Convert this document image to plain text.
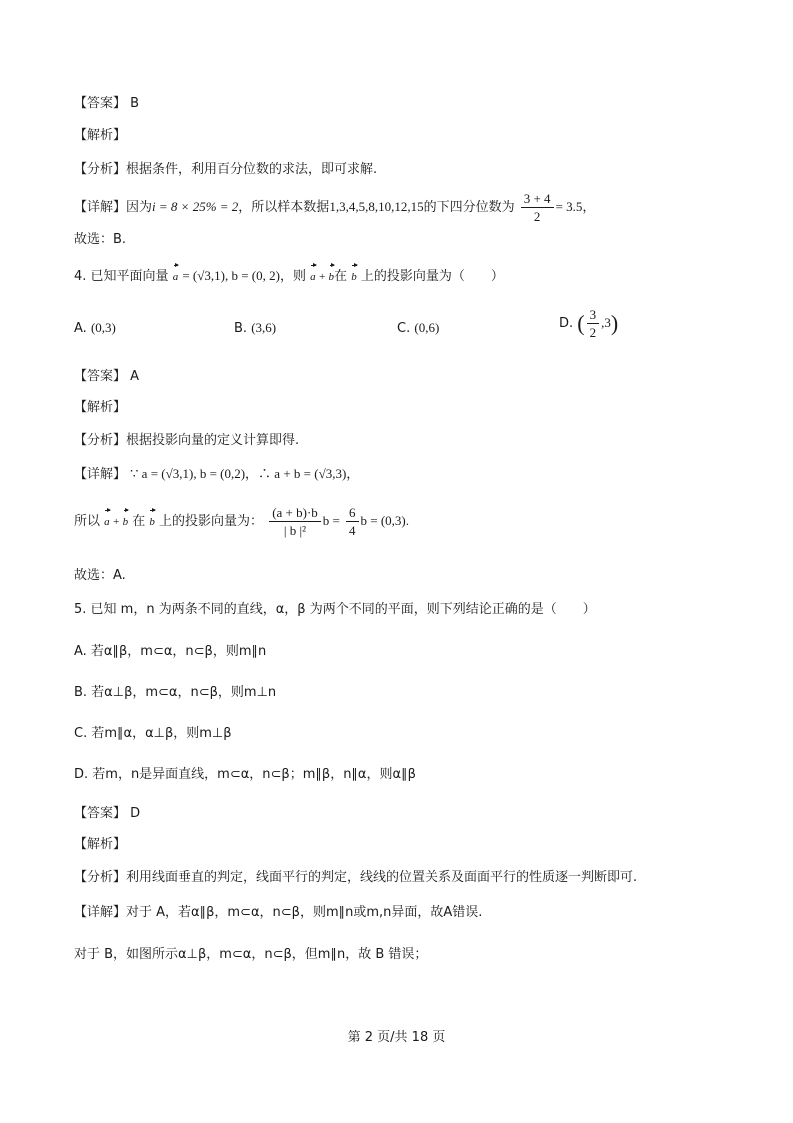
【答案】 B
【解析】
【分析】根据条件，利用百分位数的求法，即可求解.
【详解】因为i = 8 × 25% = 2，所以样本数据1,3,4,5,8,10,12,15的下四分位数为 $\frac{3 + 4}{2} = 3.5$，
故选：B.
4. 已知平面向量 a = (√3,1), b = (0, 2)，则 a + b在 b 上的投影向量为（　　）
A. (0,3)	B. (3,6)	C. (0,6)	D. ( $\frac{3}{2} ,3$)
【答案】 A
【解析】
【分析】根据投影向量的定义计算即得.
【详解】 ∵ a = (√3,1), b = (0,2)，∴ a + b = (√3,3)，
所以 a + b 在 b 上的投影向量为： $\frac{(a + b)\cdot b}{\text{| b |²}}$ $b = \frac{6}{4}$ b = (0,3).
故选：A.
5. 已知 m，n 为两条不同的直线，α，β 为两个不同的平面，则下列结论正确的是（　　）
A. 若α∥β，m⊂α，n⊂β，则m∥n
B. 若α⊥β，m⊂α，n⊂β，则m⊥n
C. 若m∥α，α⊥β，则m⊥β
D. 若m，n是异面直线，m⊂α，n⊂β；m∥β，n∥α，则α∥β
【答案】 D
【解析】
【分析】利用线面垂直的判定，线面平行的判定，线线的位置关系及面面平行的性质逐一判断即可.
【详解】对于 A，若α∥β，m⊂α，n⊂β，则m∥n或m,n异面，故A错误.
对于 B，如图所示α⊥β，m⊂α，n⊂β，但m∥n，故 B 错误；
第 2 页/共 18 页
